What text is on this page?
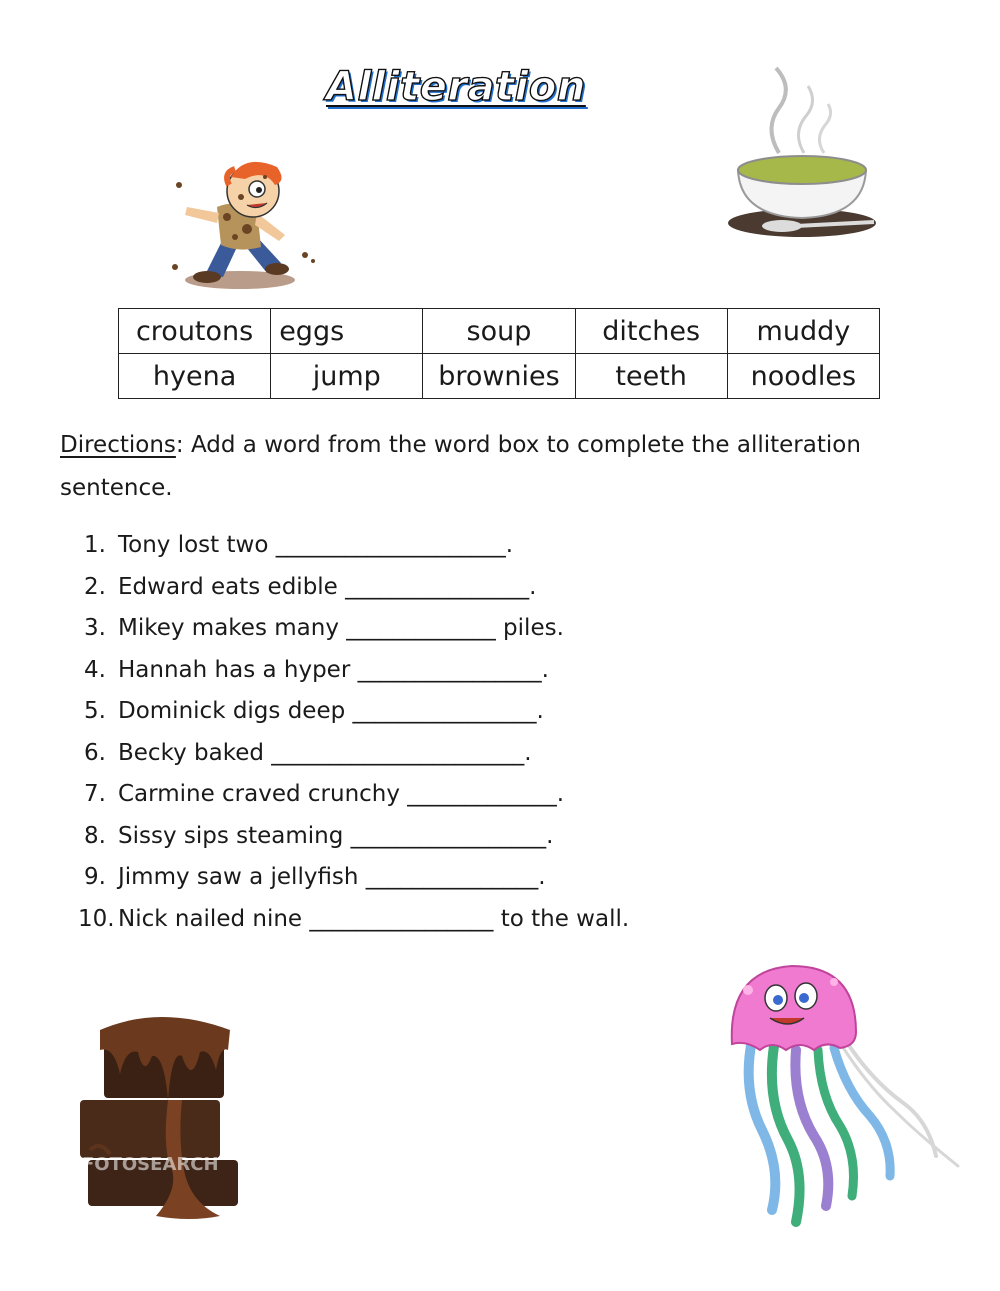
Alliteration
croutons	eggs	soup	ditches	muddy
hyena	jump	brownies	teeth	noodles
Directions: Add a word from the word box to complete the alliteration sentence.
1. Tony lost two ____________________.
2. Edward eats edible ________________.
3. Mikey makes many _____________ piles.
4. Hannah has a hyper ________________.
5. Dominick digs deep ________________.
6. Becky baked ______________________.
7. Carmine craved crunchy _____________.
8. Sissy sips steaming _________________.
9. Jimmy saw a jellyfish _______________.
10. Nick nailed nine ________________ to the wall.
FOTOSEARCH
